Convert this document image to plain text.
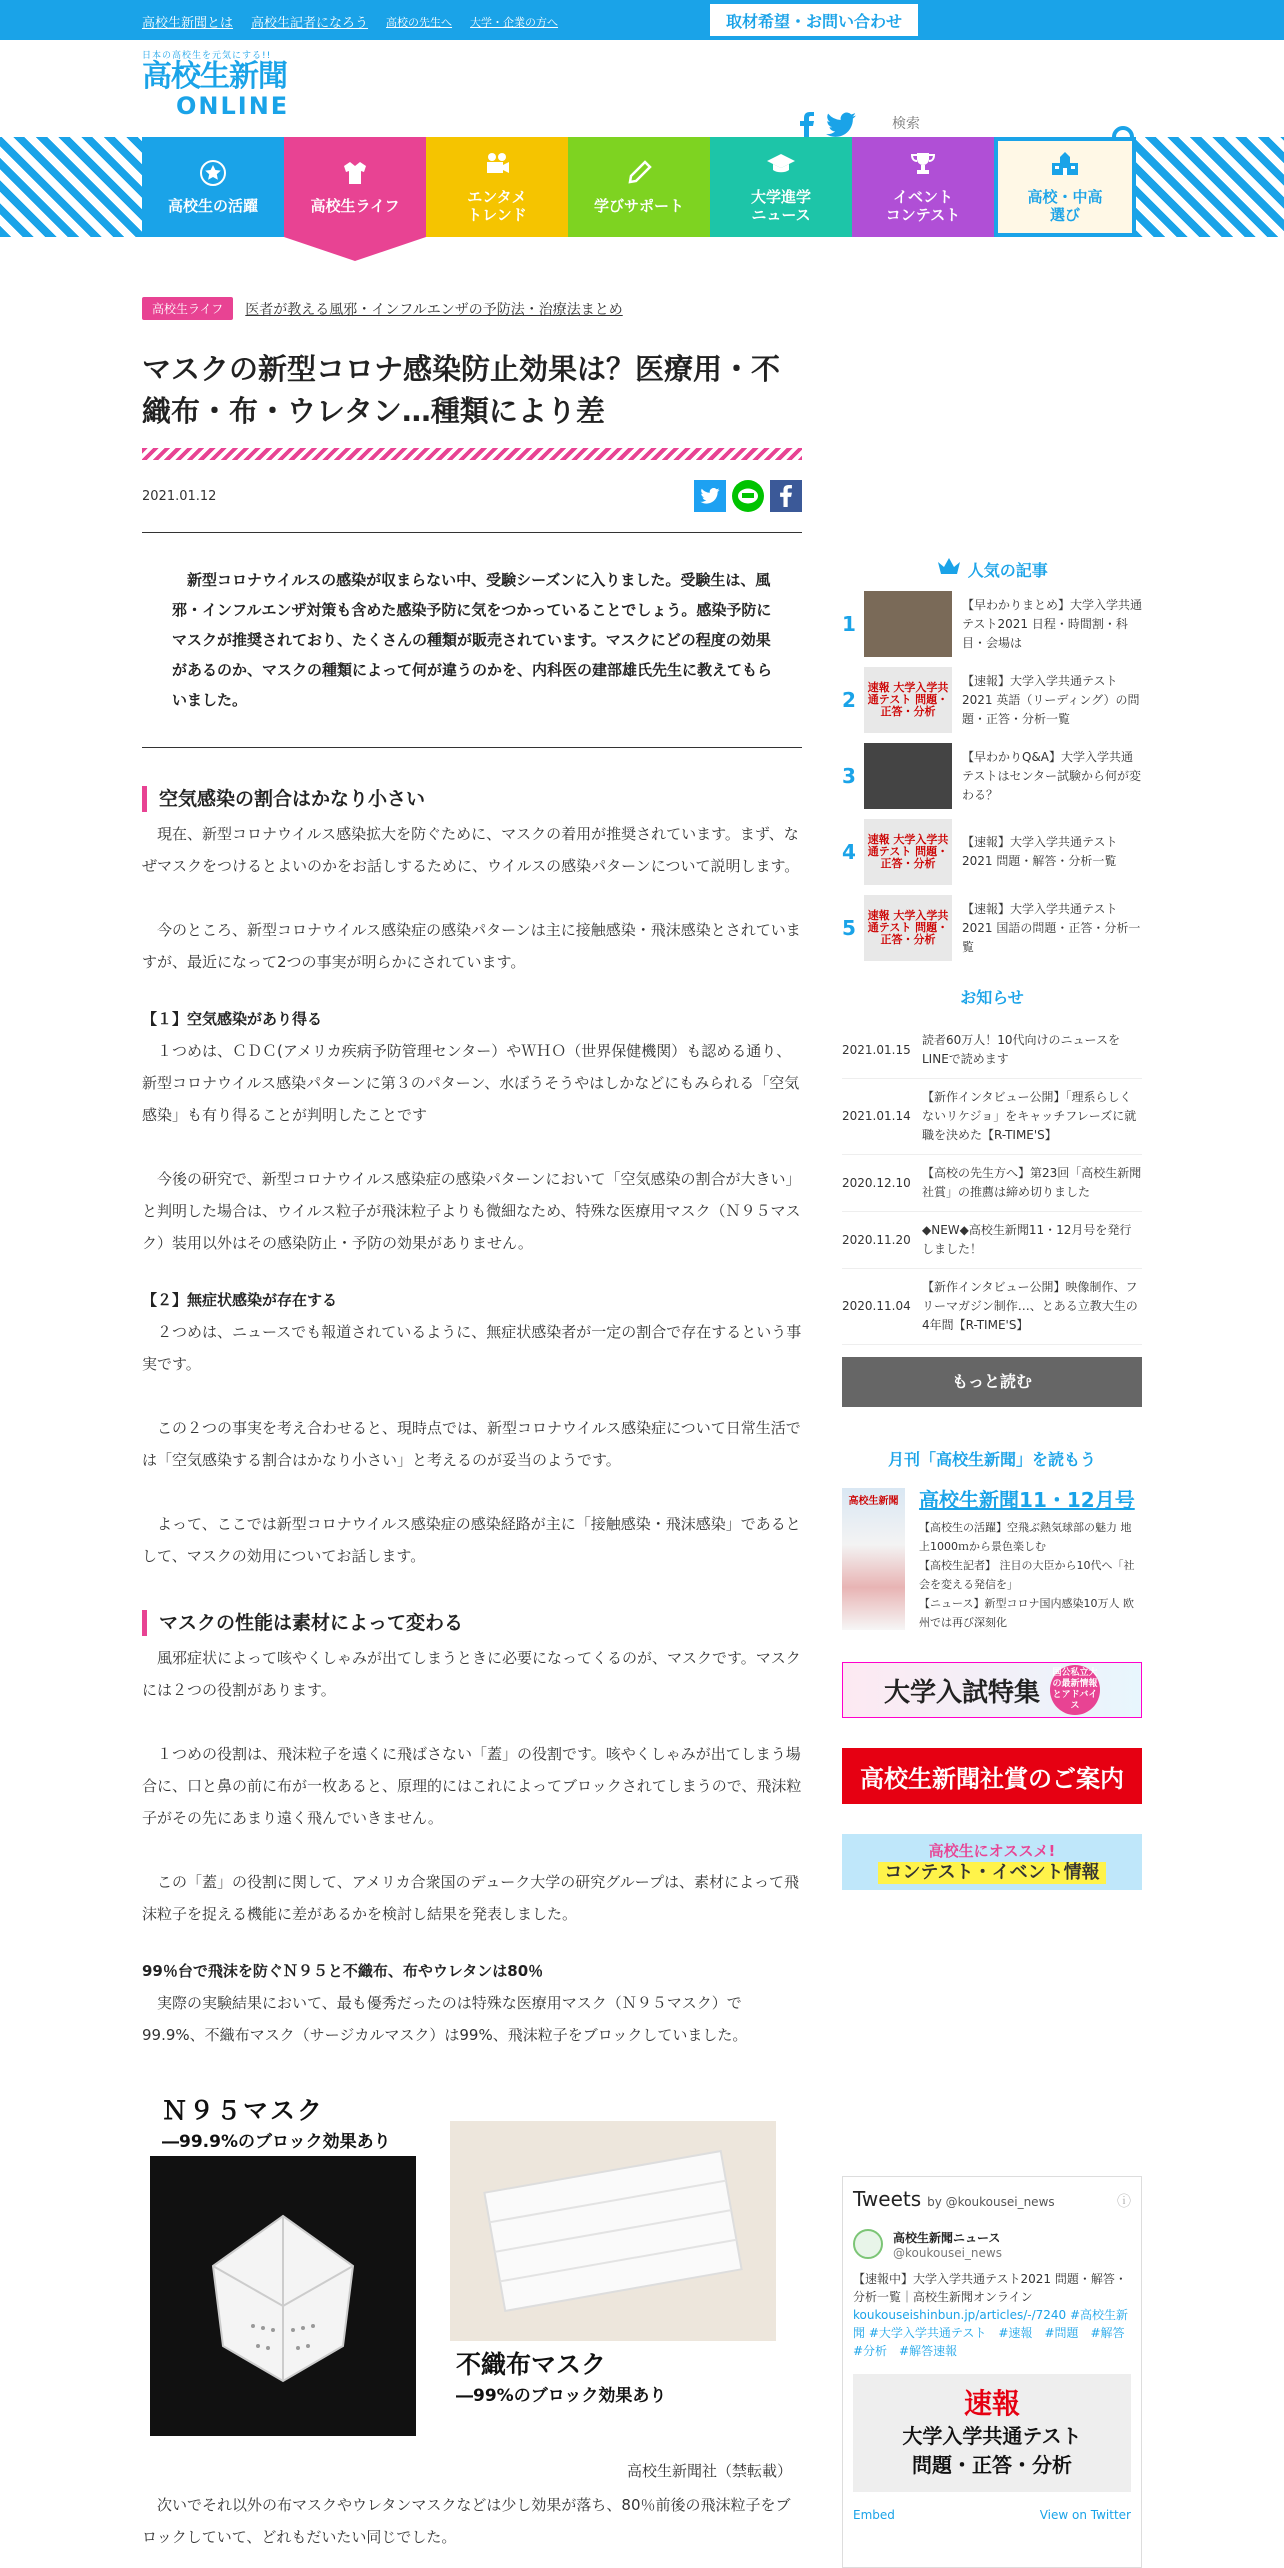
高校生新聞とは 高校生記者になろう 高校の先生へ 大学・企業の方へ	取材希望・お問い合わせ
日本の高校生を元気にする!!
高校生新聞
ONLINE
検索
高校生の活躍	高校生ライフ	エンタメ
トレンド	学びサポート	大学進学
ニュース
イベント
コンテスト
高校・中高
選び
高校生ライフ	医者が教える風邪・インフルエンザの予防法・治療法まとめ
マスクの新型コロナ感染防止効果は？医療用・不織布・布・ウレタン…種類により差
2021.01.12
新型コロナウイルスの感染が収まらない中、受験シーズンに入りました。受験生は、風邪・インフルエンザ対策も含めた感染予防に気をつかっていることでしょう。感染予防にマスクが推奨されており、たくさんの種類が販売されています。マスクにどの程度の効果があるのか、マスクの種類によって何が違うのかを、内科医の建部雄氏先生に教えてもらいました。
空気感染の割合はかなり小さい

現在、新型コロナウイルス感染拡大を防ぐために、マスクの着用が推奨されています。まず、なぜマスクをつけるとよいのかをお話しするために、ウイルスの感染パターンについて説明します。

今のところ、新型コロナウイルス感染症の感染パターンは主に接触感染・飛沫感染とされていますが、最近になって2つの事実が明らかにされています。

【１】空気感染があり得る

１つめは、ＣＤＣ(アメリカ疾病予防管理センター）やＷＨＯ（世界保健機関）も認める通り、新型コロナウイルス感染パターンに第３のパターン、水ぼうそうやはしかなどにもみられる「空気感染」も有り得ることが判明したことです

今後の研究で、新型コロナウイルス感染症の感染パターンにおいて「空気感染の割合が大きい」と判明した場合は、ウイルス粒子が飛沫粒子よりも微細なため、特殊な医療用マスク（Ｎ９５マスク）装用以外はその感染防止・予防の効果がありません。

【２】無症状感染が存在する

２つめは、ニュースでも報道されているように、無症状感染者が一定の割合で存在するという事実です。

この２つの事実を考え合わせると、現時点では、新型コロナウイルス感染症について日常生活では「空気感染する割合はかなり小さい」と考えるのが妥当のようです。

よって、ここでは新型コロナウイルス感染症の感染経路が主に「接触感染・飛沫感染」であるとして、マスクの効用についてお話します。

マスクの性能は素材によって変わる

風邪症状によって咳やくしゃみが出てしまうときに必要になってくるのが、マスクです。マスクには２つの役割があります。

１つめの役割は、飛沫粒子を遠くに飛ばさない「蓋」の役割です。咳やくしゃみが出てしまう場合に、口と鼻の前に布が一枚あると、原理的にはこれによってブロックされてしまうので、飛沫粒子がその先にあまり遠く飛んでいきません。

この「蓋」の役割に関して、アメリカ合衆国のデューク大学の研究グループは、素材によって飛沫粒子を捉える機能に差があるかを検討し結果を発表しました。

99％台で飛沫を防ぐＮ９５と不織布、布やウレタンは80％

実際の実験結果において、最も優秀だったのは特殊な医療用マスク（Ｎ９５マスク）で99.9%、不織布マスク（サージカルマスク）は99%、飛沫粒子をブロックしていました。

Ｎ９５マスク
―99.9%のブロック効果あり
不織布マスク
―99%のブロック効果あり
高校生新聞社（禁転載）

次いでそれ以外の布マスクやウレタンマスクなどは少し効果が落ち、80％前後の飛沫粒子をブロックしていて、どれもだいたい同じでした。

人気の記事
1
【早わかりまとめ】大学入学共通テスト2021 日程・時間割・科目・会場は
2
速報 大学入学共通テスト 問題・正答・分析
【速報】大学入学共通テスト2021 英語（リーディング）の問題・正答・分析一覧
3
【早わかりQ&A】大学入学共通テストはセンター試験から何が変わる？
4
速報 大学入学共通テスト 問題・正答・分析
【速報】大学入学共通テスト2021 問題・解答・分析一覧
5
速報 大学入学共通テスト 問題・正答・分析
【速報】大学入学共通テスト2021 国語の問題・正答・分析一覧
お知らせ
2021.01.15
読者60万人！10代向けのニュースをLINEで読めます
2021.01.14
【新作インタビュー公開】「理系らしくないリケジョ」をキャッチフレーズに就職を決めた【R-TIME'S】
2020.12.10
【高校の先生方へ】第23回「高校生新聞社賞」の推薦は締め切りました
2020.11.20
◆NEW◆高校生新聞11・12月号を発行しました！
2020.11.04
【新作インタビュー公開】映像制作、フリーマガジン制作…、とある立教大生の4年間【R-TIME'S】
もっと読む
月刊「高校生新聞」を読もう
高校生新聞	高校生新聞11・12月号
【高校生の活躍】空飛ぶ熱気球部の魅力 地上1000ｍから景色楽しむ
【高校生記者】 注目の大臣から10代へ「社会を変える発信を」
【ニュース】新型コロナ国内感染10万人 欧州では再び深刻化
大学入試特集
国公私立大の最新情報とアドバイス
高校生新聞社賞のご案内
高校生にオススメ!
コンテスト・イベント情報
Tweets by @koukousei_news	ⓘ
高校生新聞ニュース
@koukousei_news
【速報中】大学入学共通テスト2021 問題・解答・分析一覧｜高校生新聞オンライン
koukouseishinbun.jp/articles/-/7240 #高校生新聞 #大学入学共通テスト　#速報　#問題　#解答　#分析　#解答速報
速報
大学入学共通テスト
問題・正答・分析
Embed	View on Twitter
